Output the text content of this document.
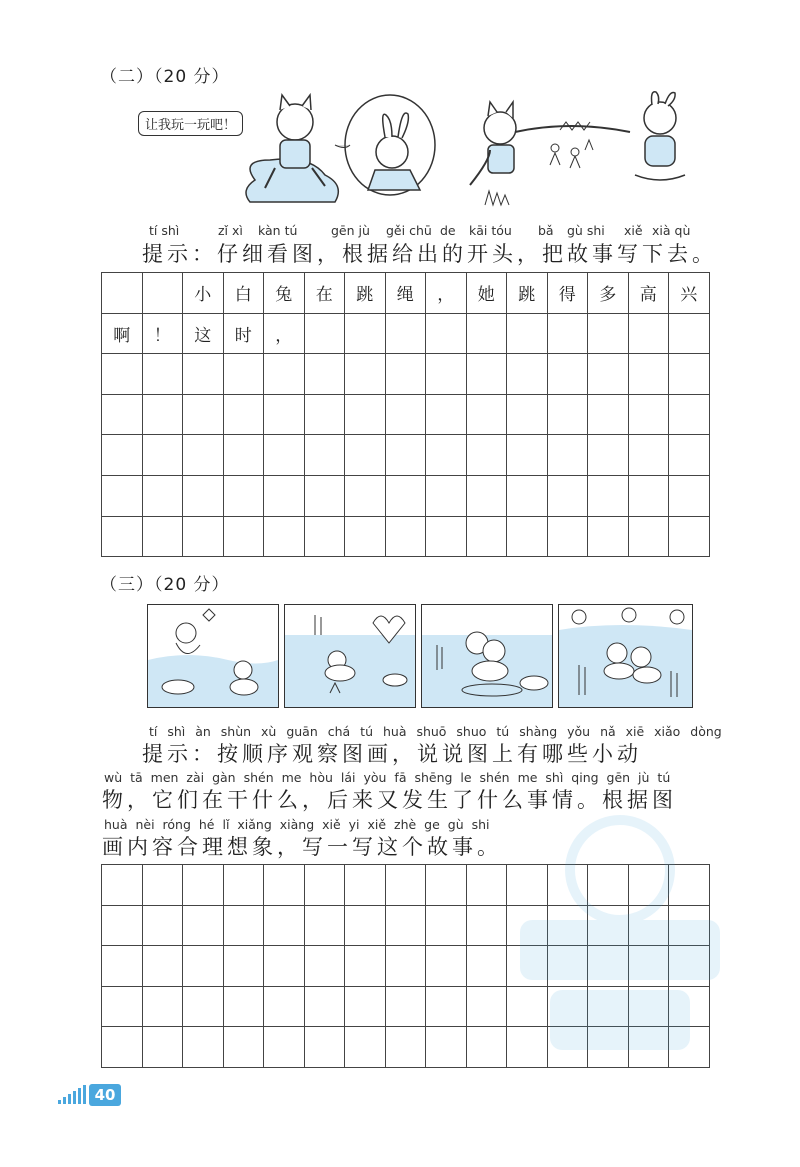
（二）（20 分）
让我玩一玩吧！
tí shì	zǐ xì kàn tú	gēn jù gěi chū de kāi tóu bǎ gù shi xiě xià qù
提示：仔细看图，根据给出的开头，把故事写下去。
		小	白	兔	在	跳	绳	，	她	跳	得	多	高	兴
啊	！	这	时	，										

（三）（20 分）
tí shì àn shùn xù guān chá tú huà shuō shuo tú shàng yǒu nǎ xiē xiǎo dòng
提示：按顺序观察图画，说说图上有哪些小动
wù tā men zài gàn shén me hòu lái yòu fā shēng le shén me shì qing gēn jù tú
物，它们在干什么，后来又发生了什么事情。根据图
huà nèi róng hé lǐ xiǎng xiàng xiě yi xiě zhè ge gù shi
画内容合理想象，写一写这个故事。

40
